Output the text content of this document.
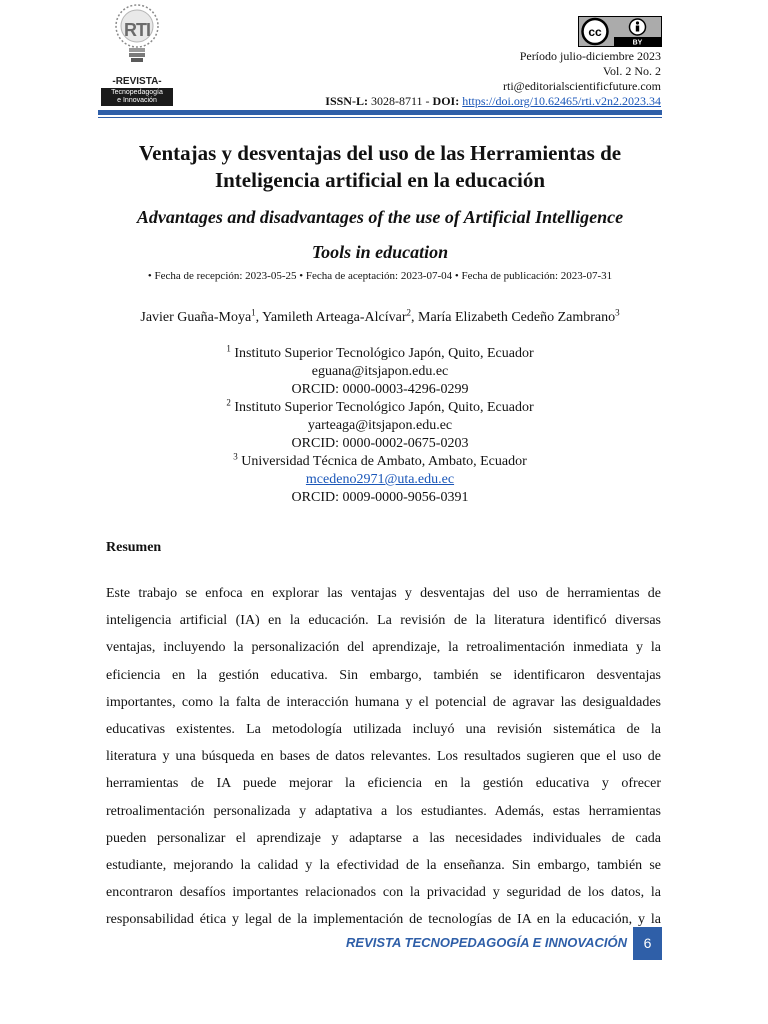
RTI
-REVISTA-
Tecnopedagogía
e Innovación
BY
cc
Período julio-diciembre 2023
Vol. 2 No. 2
rti@editorialscientificfuture.com
ISSN-L: 3028-8711 - DOI: https://doi.org/10.62465/rti.v2n2.2023.34
Ventajas y desventajas del uso de las Herramientas de
Inteligencia artificial en la educación
Advantages and disadvantages of the use of Artificial Intelligence
Tools in education
• Fecha de recepción: 2023-05-25 • Fecha de aceptación: 2023-07-04 • Fecha de publicación: 2023-07-31
Javier Guaña-Moya$^1$, Yamileth Arteaga-Alcívar$^2$, María Elizabeth Cedeño Zambrano$^3$
$^1$ Instituto Superior Tecnológico Japón, Quito, Ecuador
eguana@itsjapon.edu.ec
ORCID: 0000-0003-4296-0299
$^2$ Instituto Superior Tecnológico Japón, Quito, Ecuador
yarteaga@itsjapon.edu.ec
ORCID: 0000-0002-0675-0203
$^3$ Universidad Técnica de Ambato, Ambato, Ecuador
mcedeno2971@uta.edu.ec
ORCID: 0009-0000-9056-0391
Resumen
Este trabajo se enfoca en explorar las ventajas y desventajas del uso de herramientas de
inteligencia artificial (IA) en la educación. La revisión de la literatura identificó diversas
ventajas, incluyendo la personalización del aprendizaje, la retroalimentación inmediata y la
eficiencia en la gestión educativa. Sin embargo, también se identificaron desventajas
importantes, como la falta de interacción humana y el potencial de agravar las desigualdades
educativas existentes. La metodología utilizada incluyó una revisión sistemática de la
literatura y una búsqueda en bases de datos relevantes. Los resultados sugieren que el uso de
herramientas de IA puede mejorar la eficiencia en la gestión educativa y ofrecer
retroalimentación personalizada y adaptativa a los estudiantes. Además, estas herramientas
pueden personalizar el aprendizaje y adaptarse a las necesidades individuales de cada
estudiante, mejorando la calidad y la efectividad de la enseñanza. Sin embargo, también se
encontraron desafíos importantes relacionados con la privacidad y seguridad de los datos, la
responsabilidad ética y legal de la implementación de tecnologías de IA en la educación, y la
REVISTA TECNOPEDAGOGÍA E INNOVACIÓN	6
